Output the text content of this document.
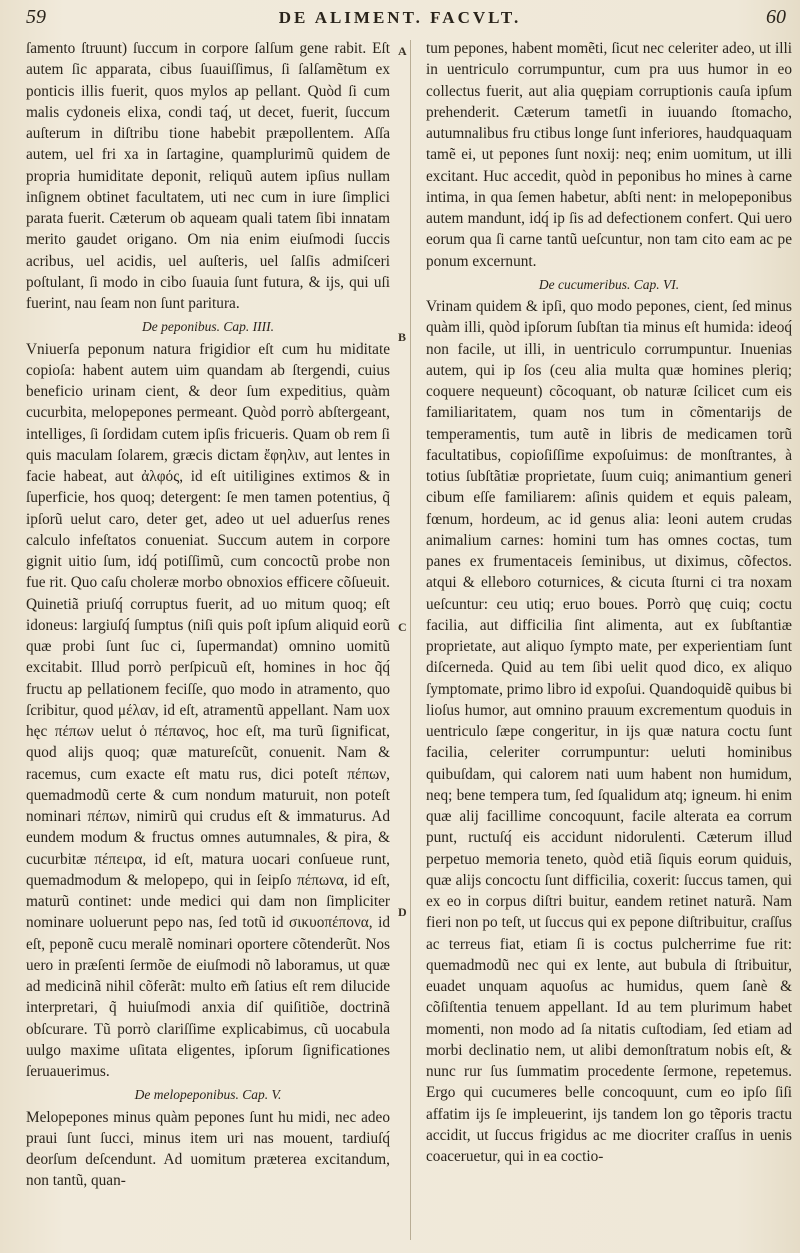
59	DE ALIMENT. FACVLT.	60
A
B
C
D

ſamento ſtruunt) ſuccum in corpore ſalſum gene rabit. Eſt autem ſic apparata, cibus ſuauiſſimus, ſi ſalſamẽtum ex ponticis illis fuerit, quos mylos ap pellant. Quòd ſi cum malis cydoneis elixa, condi taq́, ut decet, fuerit, ſuccum auſterum in diſtribu tione habebit præpollentem. Aſſa autem, uel fri xa in ſartagine, quamplurimũ quidem de propria humiditate deponit, reliquũ autem ipſius nullam inſignem obtinet facultatem, uti nec cum in iure ſimplici parata fuerit. Cæterum ob aqueam quali tatem ſibi innatam merito gaudet origano. Om nia enim eiuſmodi ſuccis acribus, uel acidis, uel auſteris, uel ſalſis admiſceri poſtulant, ſi modo in cibo ſuauia ſunt futura, & ijs, qui uſi fuerint, nau ſeam non ſunt paritura.

De peponibus. Cap. IIII.

Vniuerſa peponum natura frigidior eſt cum hu miditate copioſa: habent autem uim quandam ab ſtergendi, cuius beneficio urinam cient, & deor ſum expeditius, quàm cucurbita, melopepones permeant. Quòd porrò abſtergeant, intelliges, ſi ſordidam cutem ipſis fricueris. Quam ob rem ſi quis maculam ſolarem, græcis dictam ἔφηλιν, aut lentes in facie habeat, aut ἀλφός, id eſt uitiligines extimos & in ſuperficie, hos quoq; detergent: ſe men tamen potentius, q̃ ipſorũ uelut caro, deter get, adeo ut uel aduerſus renes calculo infeſtatos conueniat. Succum autem in corpore gignit uitio ſum, idq́ potiſſimũ, cum concoctũ probe non fue rit. Quo caſu choleræ morbo obnoxios efficere cõſueuit. Quinetiã priuſq́ corruptus fuerit, ad uo mitum quoq; eſt idoneus: largiuſq́ ſumptus (niſi quis poſt ipſum aliquid eorũ quæ probi ſunt ſuc ci, ſupermandat) omnino uomitũ excitabit. Illud porrò perſpicuũ eſt, homines in hoc q̃q́ fructu ap pellationem feciſſe, quo modo in atramento, quo ſcribitur, quod μέλαν, id eſt, atramentũ appellant. Nam uox hęc πέπων uelut ὁ πέπανος, hoc eſt, ma turũ ſignificat, quod alijs quoq; quæ matureſcũt, conuenit. Nam & racemus, cum exacte eſt matu rus, dici poteſt πέπων, quemadmodũ certe & cum nondum maturuit, non poteſt nominari πέπων, nimirũ qui crudus eſt & immaturus. Ad eundem modum & fructus omnes autumnales, & pira, & cucurbitæ πέπειρα, id eſt, matura uocari conſueue runt, quemadmodum & melopepo, qui in ſeipſo πέπωνα, id eſt, maturũ continet: unde medici qui dam non ſimpliciter nominare uoluerunt pepo nas, ſed totũ id σικυοπέπονα, id eſt, peponẽ cucu meralẽ nominari oportere cõtenderũt. Nos uero in præſenti ſermõe de eiuſmodi nõ laboramus, ut quæ ad medicinã nihil cõferãt: multo em̃ ſatius eſt rem dilucide interpretari, q̃ huiuſmodi anxia diſ quiſitiõe, doctrinã obſcurare. Tũ porrò clariſſime explicabimus, cũ uocabula uulgo maxime uſitata eligentes, ipſorum ſignificationes ſeruauerimus.

De melopeponibus. Cap. V.

Melopepones minus quàm pepones ſunt hu midi, nec adeo praui ſunt ſucci, minus item uri nas mouent, tardiuſq́ deorſum deſcendunt. Ad uomitum præterea excitandum, non tantũ, quan-

tum pepones, habent momẽti, ſicut nec celeriter adeo, ut illi in uentriculo corrumpuntur, cum pra uus humor in eo collectus fuerit, aut alia quępiam corruptionis cauſa ipſum prehenderit. Cæterum tametſi in iuuando ſtomacho, autumnalibus fru ctibus longe ſunt inferiores, haudquaquam tamẽ ei, ut pepones ſunt noxij: neq; enim uomitum, ut illi excitant. Huc accedit, quòd in peponibus ho mines à carne intima, in qua ſemen habetur, abſti nent: in melopeponibus autem mandunt, idq́ ip ſis ad defectionem confert. Qui uero eorum qua ſi carne tantũ ueſcuntur, non tam cito eam ac pe ponum excernunt.

De cucumeribus. Cap. VI.

Vrinam quidem & ipſi, quo modo pepones, cient, ſed minus quàm illi, quòd ipſorum ſubſtan tia minus eſt humida: ideoq́ non facile, ut illi, in uentriculo corrumpuntur. Inuenias autem, qui ip ſos (ceu alia multa quæ homines pleriq; coquere nequeunt) cõcoquant, ob naturæ ſcilicet cum eis familiaritatem, quam nos tum in cõmentarijs de temperamentis, tum autẽ in libris de medicamen torũ facultatibus, copioſiſſime expoſuimus: de monſtrantes, à totius ſubſtãtiæ proprietate, ſuum cuiq; animantium generi cibum eſſe familiarem: aſinis quidem et equis paleam, fœnum, hordeum, ac id genus alia: leoni autem crudas animalium carnes: homini tum has omnes coctas, tum panes ex frumentaceis ſeminibus, ut diximus, cõfectos. atqui & elleboro coturnices, & cicuta ſturni ci tra noxam ueſcuntur: ceu utiq; eruo boues. Porrò quę cuiq; coctu facilia, aut difficilia ſint alimenta, aut ex ſubſtantiæ proprietate, aut aliquo ſympto mate, per experientiam ſunt diſcerneda. Quid au tem ſibi uelit quod dico, ex aliquo ſymptomate, primo libro id expoſui. Quandoquidẽ quibus bi lioſus humor, aut omnino prauum excrementum quoduis in uentriculo ſæpe congeritur, in ijs quæ natura coctu ſunt facilia, celeriter corrumpuntur: ueluti hominibus quibuſdam, qui calorem nati uum habent non humidum, neq; bene tempera tum, ſed ſqualidum atq; igneum. hi enim quæ alij facillime concoquunt, facile alterata ea corrum punt, ructuſq́ eis accidunt nidorulenti. Cæterum illud perpetuo memoria teneto, quòd etiã ſiquis eorum quiduis, quæ alijs concoctu ſunt difficilia, coxerit: ſuccus tamen, qui ex eo in corpus diſtri buitur, eandem retinet naturã. Nam fieri non po teſt, ut ſuccus qui ex pepone diſtribuitur, craſſus ac terreus fiat, etiam ſi is coctus pulcherrime fue rit: quemadmodũ nec qui ex lente, aut bubula di ſtribuitur, euadet unquam aquoſus ac humidus, quem ſanè & cõſiſtentia tenuem appellant. Id au tem plurimum habet momenti, non modo ad ſa nitatis cuſtodiam, ſed etiam ad morbi declinatio nem, ut alibi demonſtratum nobis eſt, & nunc rur ſus ſummatim procedente ſermone, repetemus. Ergo qui cucumeres belle concoquunt, cum eo ipſo ſiſi affatim ijs ſe impleuerint, ijs tandem lon go tẽporis tractu accidit, ut ſuccus frigidus ac me diocriter craſſus in uenis coaceruetur, qui in ea coctio-
